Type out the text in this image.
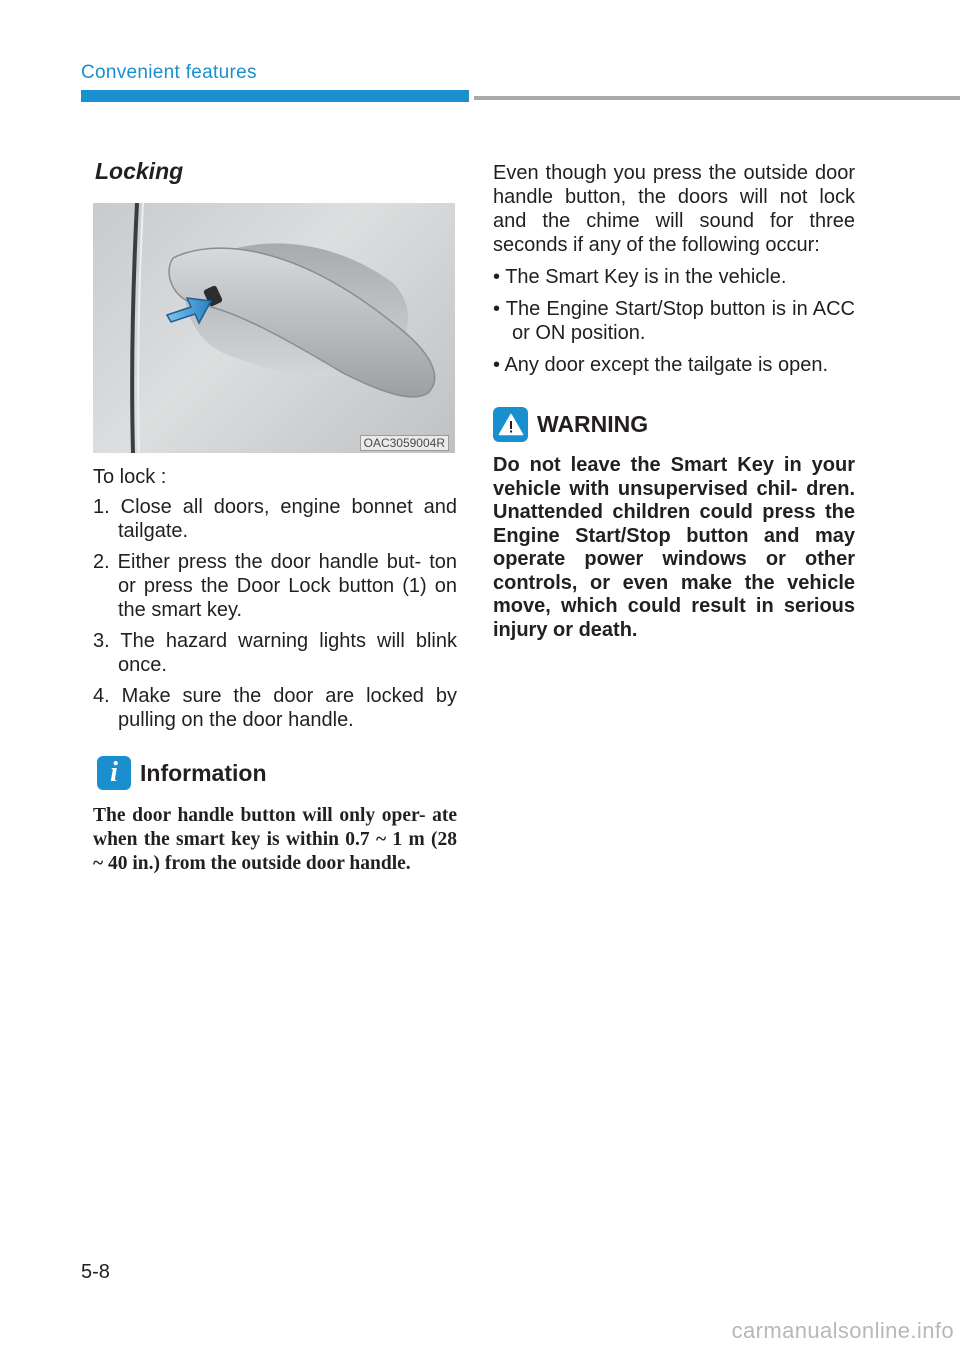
Convenient features
Locking
OAC3059004R

To lock :

1. Close all doors, engine bonnet and tailgate.
2. Either press the door handle but- ton or press the Door Lock button (1) on the smart key.
3. The hazard warning lights will blink once.
4. Make sure the door are locked by pulling on the door handle.
i Information

The door handle button will only oper- ate when the smart key is within 0.7 ~ 1 m (28 ~ 40 in.) from the outside door handle.

Even though you press the outside door handle button, the doors will not lock and the chime will sound for three seconds if any of the following occur:

• The Smart Key is in the vehicle.
• The Engine Start/Stop button is in ACC or ON position.
• Any door except the tailgate is open.
WARNING

Do not leave the Smart Key in your vehicle with unsupervised chil- dren. Unattended children could press the Engine Start/Stop button and may operate power windows or other controls, or even make the vehicle move, which could result in serious injury or death.

5-8
carmanualsonline.info
